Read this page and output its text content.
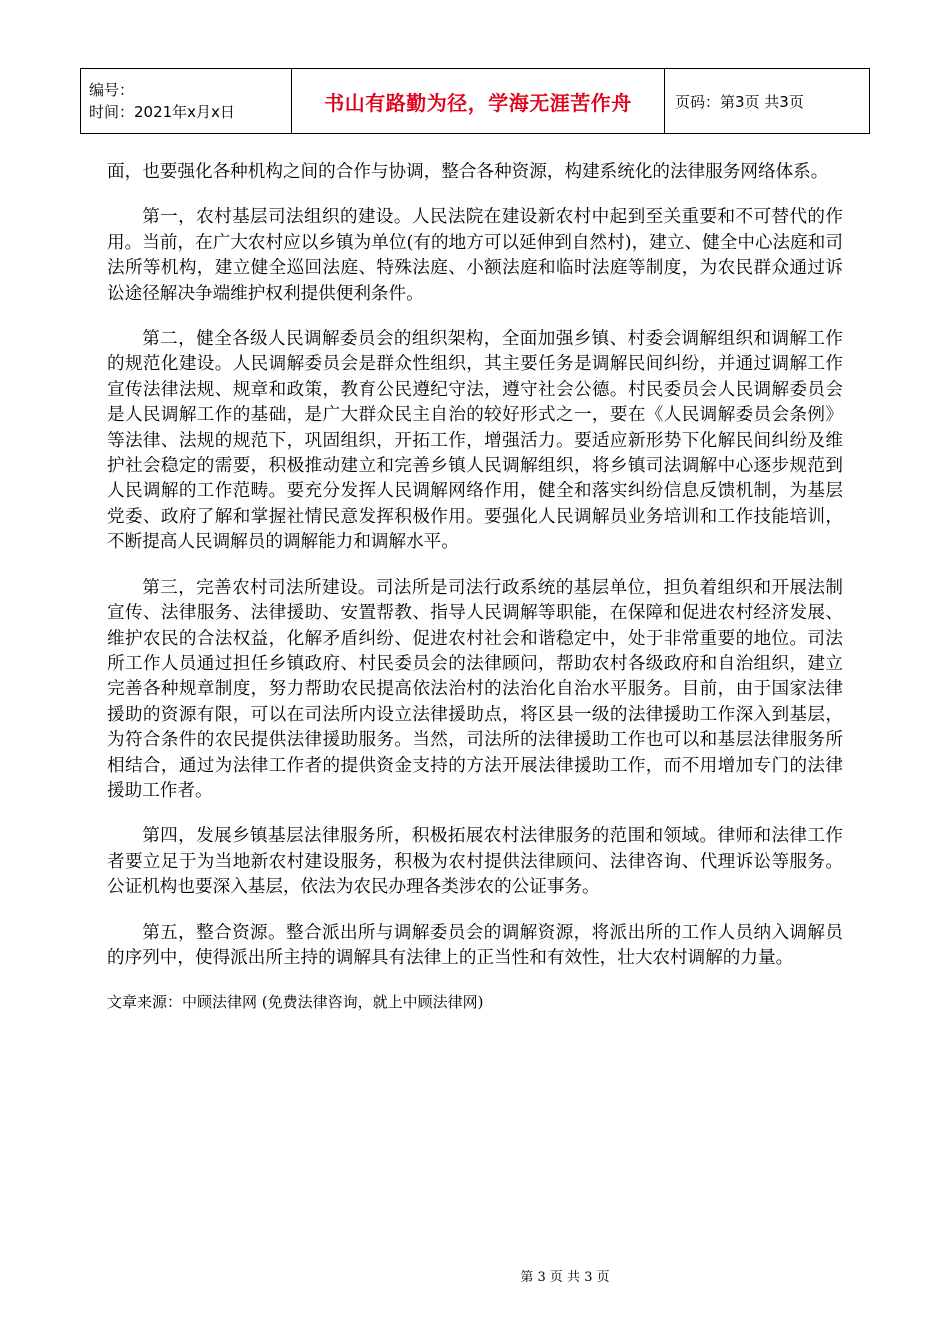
编号：
时间：2021年x月x日	书山有路勤为径，学海无涯苦作舟	页码：第3页 共3页

面，也要强化各种机构之间的合作与协调，整合各种资源，构建系统化的法律服务网络体系。

第一，农村基层司法组织的建设。人民法院在建设新农村中起到至关重要和不可替代的作用。当前，在广大农村应以乡镇为单位(有的地方可以延伸到自然村)，建立、健全中心法庭和司法所等机构，建立健全巡回法庭、特殊法庭、小额法庭和临时法庭等制度，为农民群众通过诉讼途径解决争端维护权利提供便利条件。

第二，健全各级人民调解委员会的组织架构，全面加强乡镇、村委会调解组织和调解工作的规范化建设。人民调解委员会是群众性组织，其主要任务是调解民间纠纷，并通过调解工作宣传法律法规、规章和政策，教育公民遵纪守法，遵守社会公德。村民委员会人民调解委员会是人民调解工作的基础，是广大群众民主自治的较好形式之一，要在《人民调解委员会条例》等法律、法规的规范下，巩固组织，开拓工作，增强活力。要适应新形势下化解民间纠纷及维护社会稳定的需要，积极推动建立和完善乡镇人民调解组织，将乡镇司法调解中心逐步规范到人民调解的工作范畴。要充分发挥人民调解网络作用，健全和落实纠纷信息反馈机制，为基层党委、政府了解和掌握社情民意发挥积极作用。要强化人民调解员业务培训和工作技能培训，不断提高人民调解员的调解能力和调解水平。

第三，完善农村司法所建设。司法所是司法行政系统的基层单位，担负着组织和开展法制宣传、法律服务、法律援助、安置帮教、指导人民调解等职能，在保障和促进农村经济发展、维护农民的合法权益，化解矛盾纠纷、促进农村社会和谐稳定中，处于非常重要的地位。司法所工作人员通过担任乡镇政府、村民委员会的法律顾问，帮助农村各级政府和自治组织，建立完善各种规章制度，努力帮助农民提高依法治村的法治化自治水平服务。目前，由于国家法律援助的资源有限，可以在司法所内设立法律援助点，将区县一级的法律援助工作深入到基层，为符合条件的农民提供法律援助服务。当然，司法所的法律援助工作也可以和基层法律服务所相结合，通过为法律工作者的提供资金支持的方法开展法律援助工作，而不用增加专门的法律援助工作者。

第四，发展乡镇基层法律服务所，积极拓展农村法律服务的范围和领域。律师和法律工作者要立足于为当地新农村建设服务，积极为农村提供法律顾问、法律咨询、代理诉讼等服务。公证机构也要深入基层，依法为农民办理各类涉农的公证事务。

第五，整合资源。整合派出所与调解委员会的调解资源，将派出所的工作人员纳入调解员的序列中，使得派出所主持的调解具有法律上的正当性和有效性，壮大农村调解的力量。

文章来源：中顾法律网 (免费法律咨询，就上中顾法律网)

第 3 页 共 3 页
